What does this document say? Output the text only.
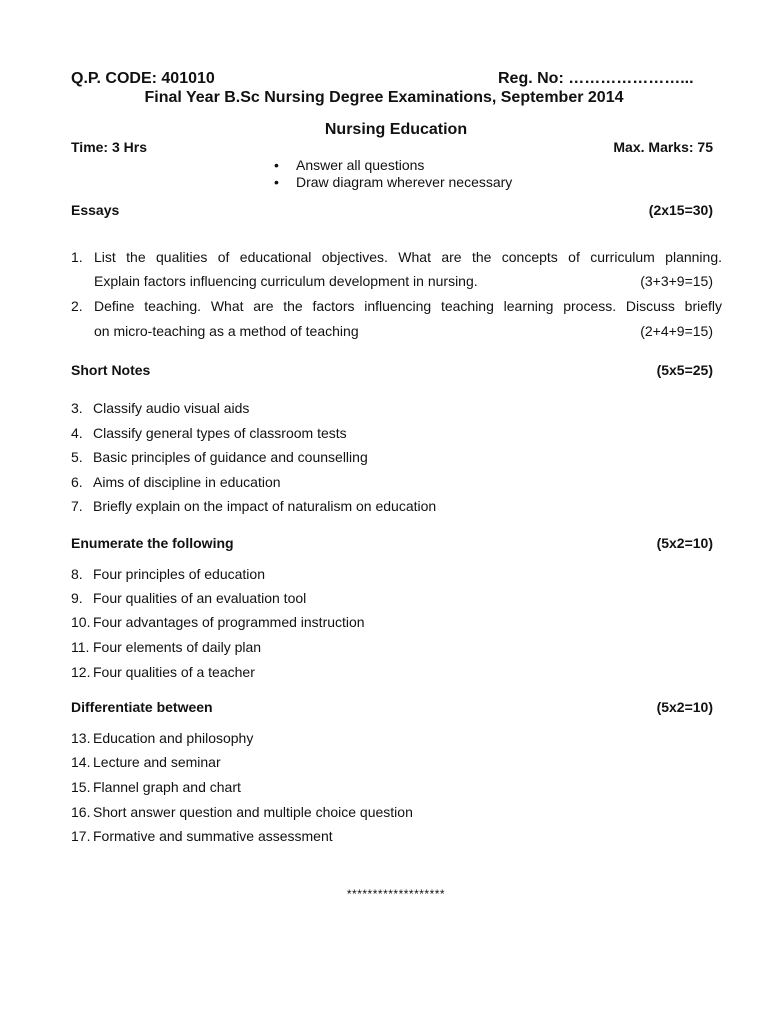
Q.P. CODE: 401010	Reg. No: …………………...
Final Year B.Sc Nursing Degree Examinations, September 2014
Nursing Education
Time: 3 Hrs	Max. Marks: 75
• Answer all questions
• Draw diagram wherever necessary
Essays	(2x15=30)
1. List the qualities of educational objectives. What are the concepts of curriculum planning.
Explain factors influencing curriculum development in nursing.	(3+3+9=15)
2. Define teaching. What are the factors influencing teaching learning process. Discuss briefly
on micro-teaching as a method of teaching	(2+4+9=15)
Short Notes	(5x5=25)
3. Classify audio visual aids
4. Classify general types of classroom tests
5. Basic principles of guidance and counselling
6. Aims of discipline in education
7. Briefly explain on the impact of naturalism on education
Enumerate the following	(5x2=10)
8. Four principles of education
9. Four qualities of an evaluation tool
10. Four advantages of programmed instruction
11. Four elements of daily plan
12. Four qualities of a teacher
Differentiate between	(5x2=10)
13. Education and philosophy
14. Lecture and seminar
15. Flannel graph and chart
16. Short answer question and multiple choice question
17. Formative and summative assessment
*******************
